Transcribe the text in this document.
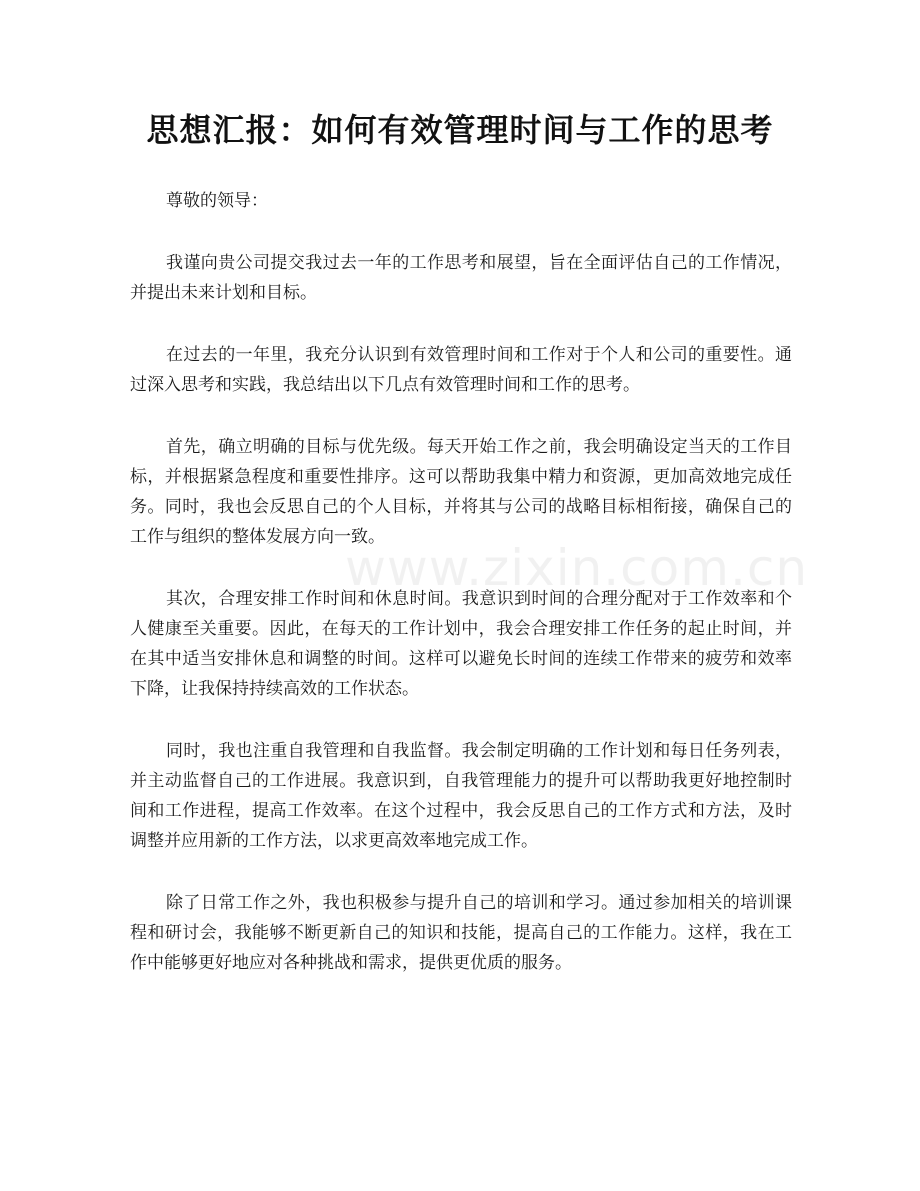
思想汇报：如何有效管理时间与工作的思考

尊敬的领导：

我谨向贵公司提交我过去一年的工作思考和展望，旨在全面评估自己的工作情况，并提出未来计划和目标。

在过去的一年里，我充分认识到有效管理时间和工作对于个人和公司的重要性。通过深入思考和实践，我总结出以下几点有效管理时间和工作的思考。

首先，确立明确的目标与优先级。每天开始工作之前，我会明确设定当天的工作目标，并根据紧急程度和重要性排序。这可以帮助我集中精力和资源，更加高效地完成任务。同时，我也会反思自己的个人目标，并将其与公司的战略目标相衔接，确保自己的工作与组织的整体发展方向一致。

其次，合理安排工作时间和休息时间。我意识到时间的合理分配对于工作效率和个人健康至关重要。因此，在每天的工作计划中，我会合理安排工作任务的起止时间，并在其中适当安排休息和调整的时间。这样可以避免长时间的连续工作带来的疲劳和效率下降，让我保持持续高效的工作状态。

同时，我也注重自我管理和自我监督。我会制定明确的工作计划和每日任务列表，并主动监督自己的工作进展。我意识到，自我管理能力的提升可以帮助我更好地控制时间和工作进程，提高工作效率。在这个过程中，我会反思自己的工作方式和方法，及时调整并应用新的工作方法，以求更高效率地完成工作。

除了日常工作之外，我也积极参与提升自己的培训和学习。通过参加相关的培训课程和研讨会，我能够不断更新自己的知识和技能，提高自己的工作能力。这样，我在工作中能够更好地应对各种挑战和需求，提供更优质的服务。

www.zixin.com.cn
